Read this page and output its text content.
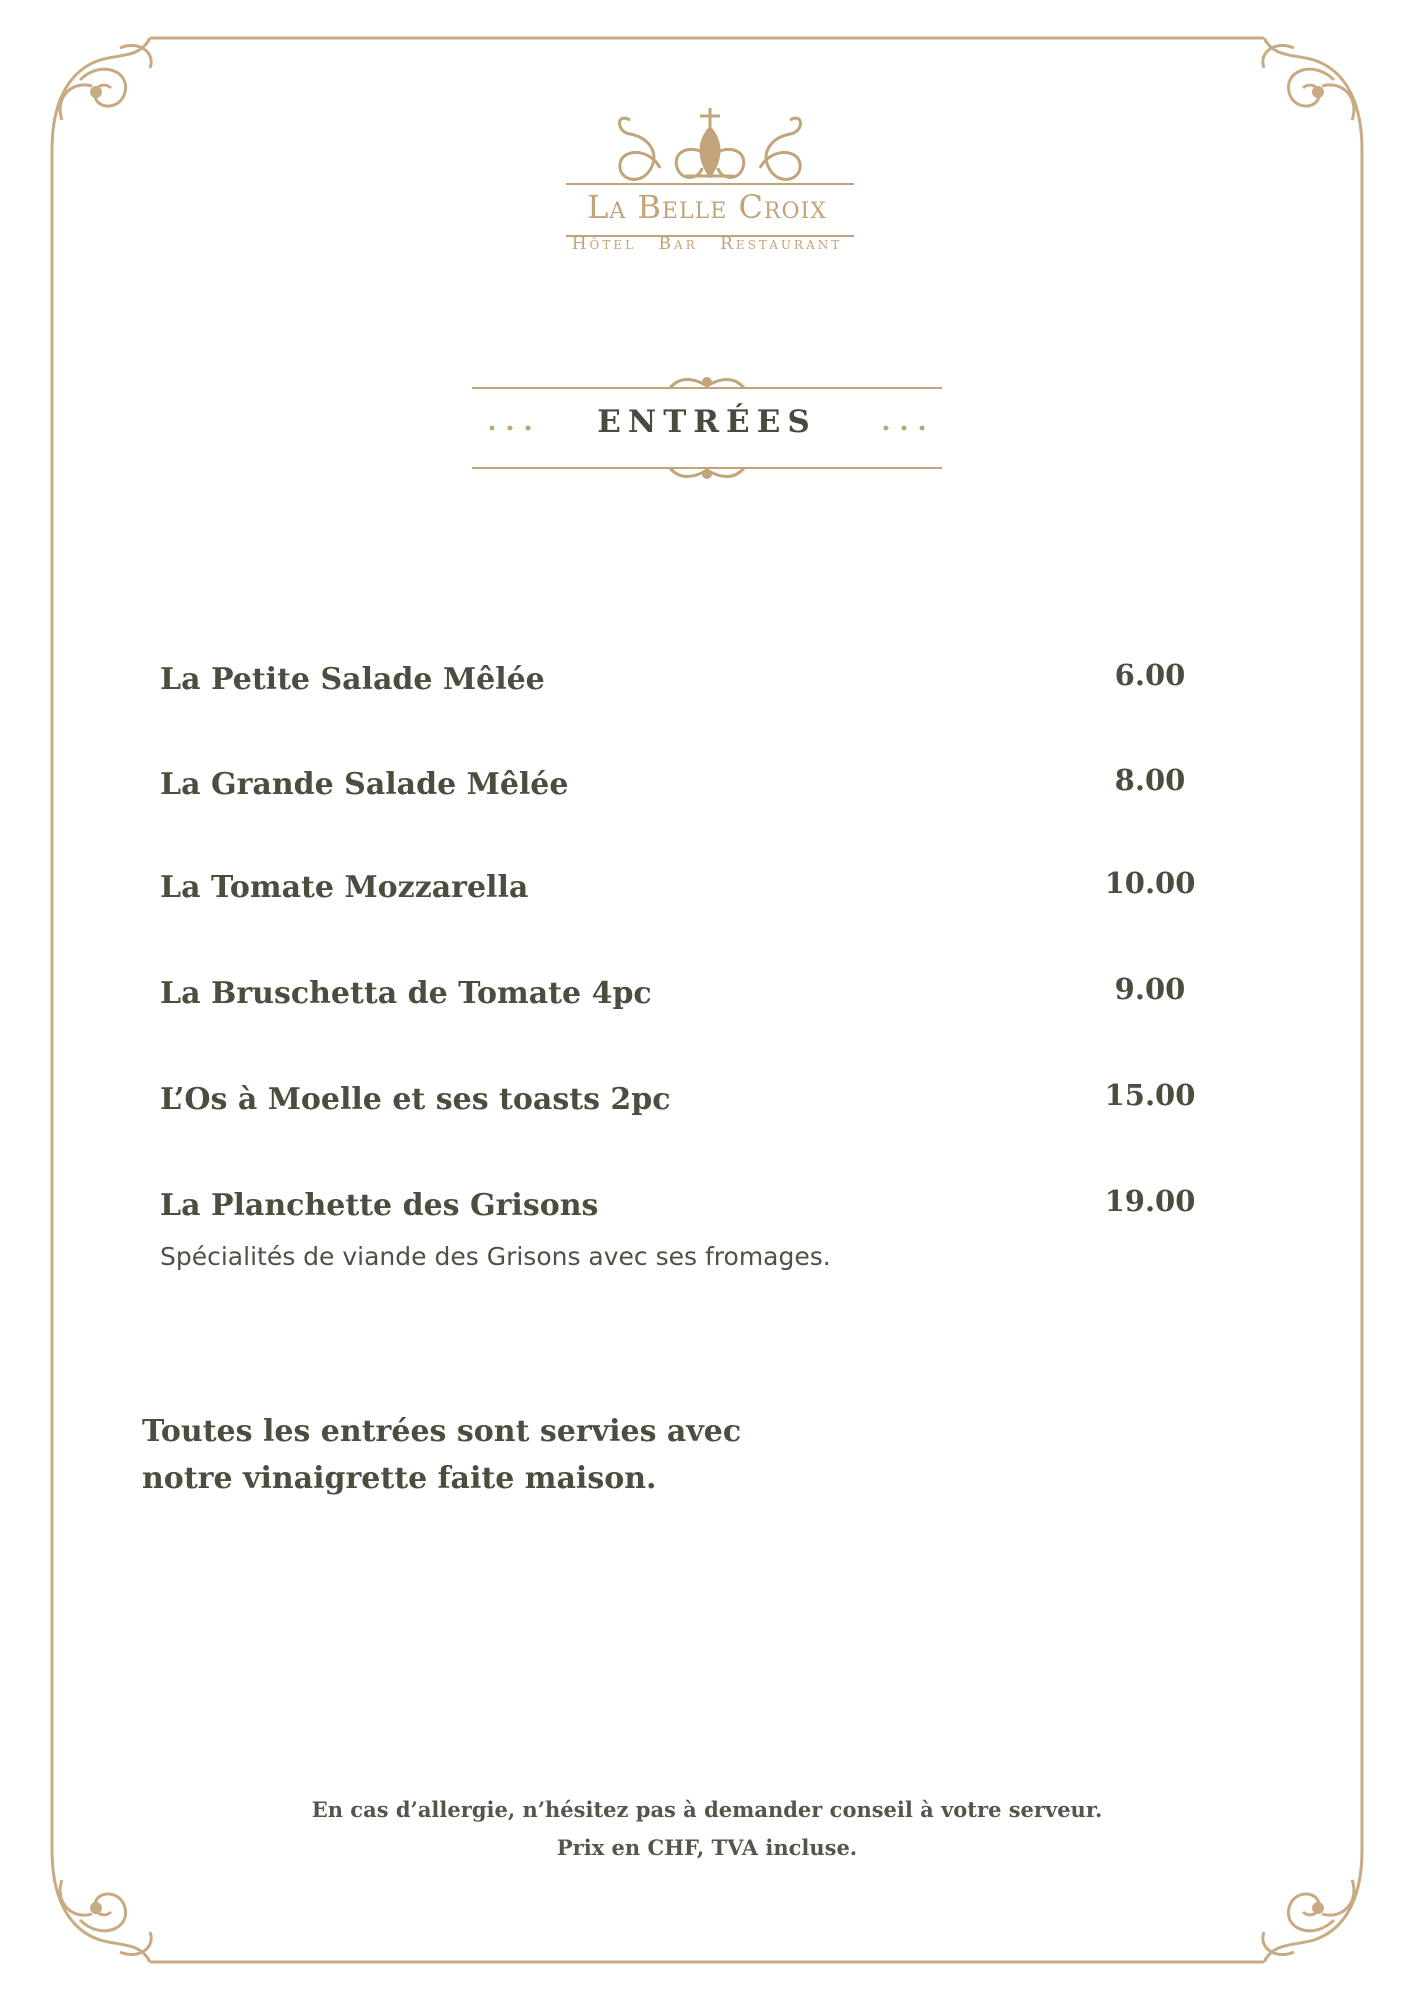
La Belle Croix
Hôtel Bar Restaurant
ENTRÉES
La Petite Salade Mêlée	6.00
La Grande Salade Mêlée	8.00
La Tomate Mozzarella	10.00
La Bruschetta de Tomate 4pc	9.00
L’Os à Moelle et ses toasts 2pc	15.00
La Planchette des Grisons	19.00
Spécialités de viande des Grisons avec ses fromages.
Toutes les entrées sont servies avec
notre vinaigrette faite maison.
En cas d’allergie, n’hésitez pas à demander conseil à votre serveur.
Prix en CHF, TVA incluse.
